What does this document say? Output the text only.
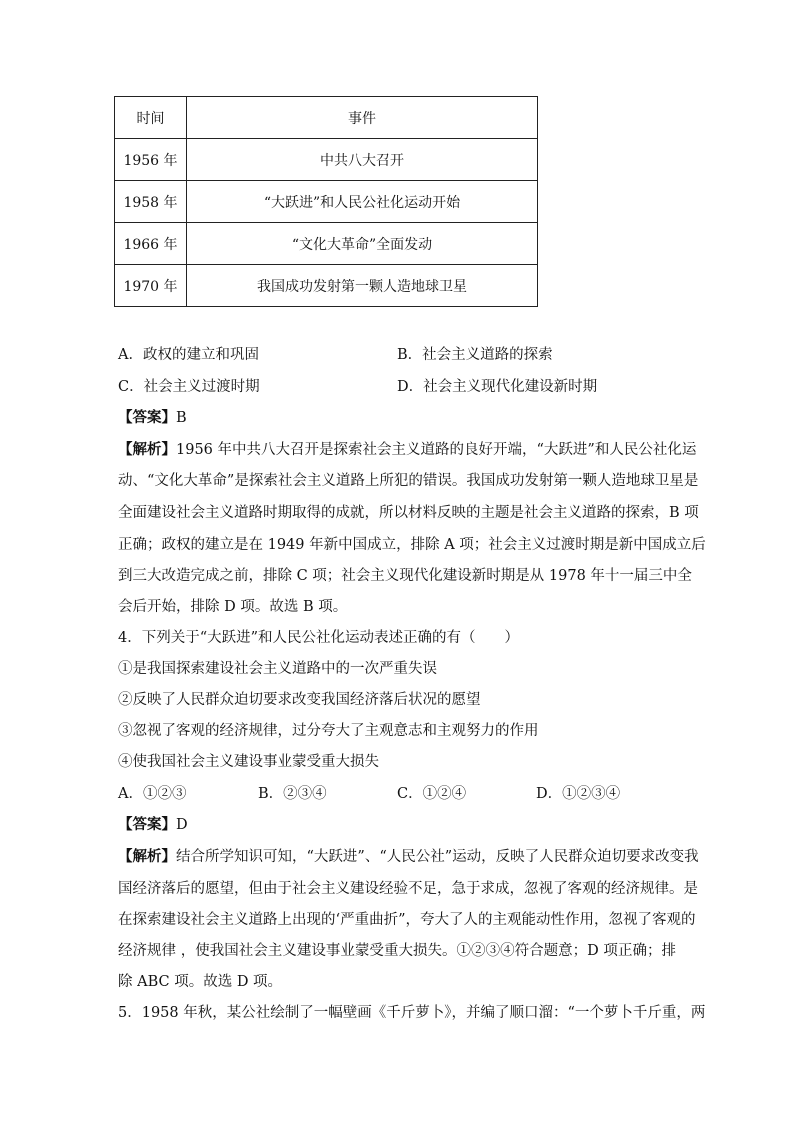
时间	事件
1956 年	中共八大召开
1958 年	“大跃进”和人民公社化运动开始
1966 年	“文化大革命”全面发动
1970 年	我国成功发射第一颗人造地球卫星
A．政权的建立和巩固	B．社会主义道路的探索
C．社会主义过渡时期	D．社会主义现代化建设新时期
【答案】B
【解析】1956 年中共八大召开是探索社会主义道路的良好开端，“大跃进”和人民公社化运
动、“文化大革命”是探索社会主义道路上所犯的错误。我国成功发射第一颗人造地球卫星是
全面建设社会主义道路时期取得的成就，所以材料反映的主题是社会主义道路的探索，B 项
正确；政权的建立是在 1949 年新中国成立，排除 A 项；社会主义过渡时期是新中国成立后
到三大改造完成之前，排除 C 项；社会主义现代化建设新时期是从 1978 年十一届三中全
会后开始，排除 D 项。故选 B 项。
4．下列关于“大跃进”和人民公社化运动表述正确的有（　　）
①是我国探索建设社会主义道路中的一次严重失误
②反映了人民群众迫切要求改变我国经济落后状况的愿望
③忽视了客观的经济规律，过分夸大了主观意志和主观努力的作用
④使我国社会主义建设事业蒙受重大损失
A．①②③	B．②③④	C．①②④	D．①②③④
【答案】D
【解析】结合所学知识可知，“大跃进”、“人民公社”运动，反映了人民群众迫切要求改变我
国经济落后的愿望，但由于社会主义建设经验不足，急于求成，忽视了客观的经济规律。是
在探索建设社会主义道路上出现的‘严重曲折”，夸大了人的主观能动性作用，忽视了客观的
经济规律 ，使我国社会主义建设事业蒙受重大损失。①②③④符合题意；D 项正确；排
除 ABC 项。故选 D 项。
5．1958 年秋，某公社绘制了一幅壁画《千斤萝卜》，并编了顺口溜：“一个萝卜千斤重，两
